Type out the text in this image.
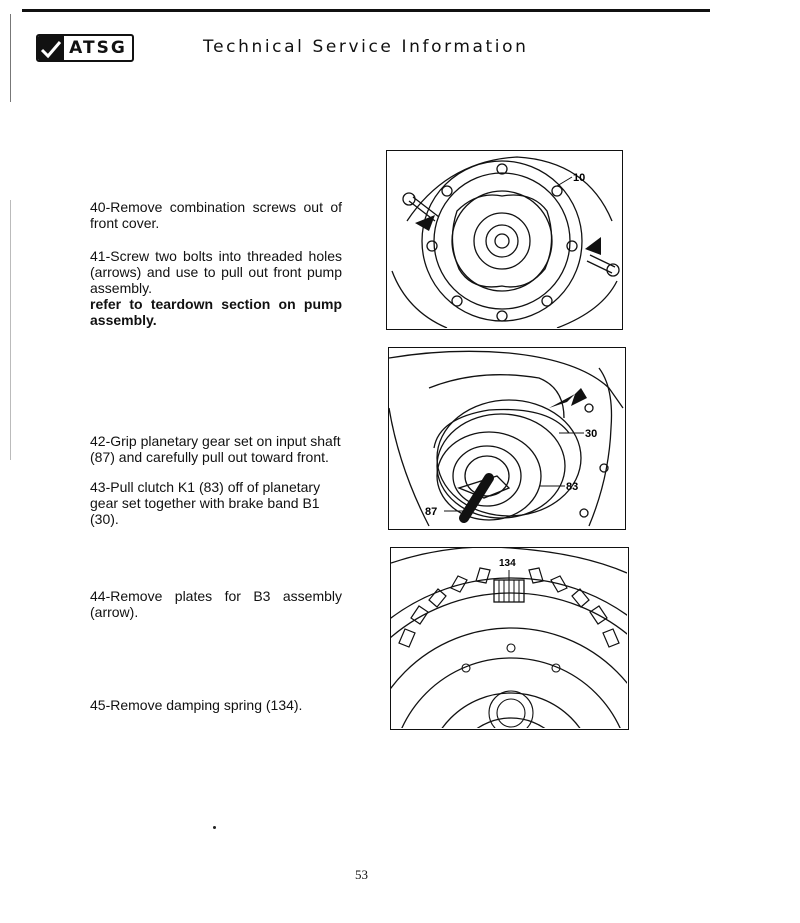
ATSG	Technical Service Information

40-Remove combination screws out of front cover.

41-Screw two bolts into threaded holes (arrows) and use to pull out front pump assembly.

refer to teardown section on pump assembly.

42-Grip planetary gear set on input shaft (87) and carefully pull out toward front.

43-Pull clutch K1 (83) off of planetary gear set together with brake band B1 (30).

44-Remove plates for B3 assembly (arrow).

45-Remove damping spring (134).

10
30
83
87
134
53
